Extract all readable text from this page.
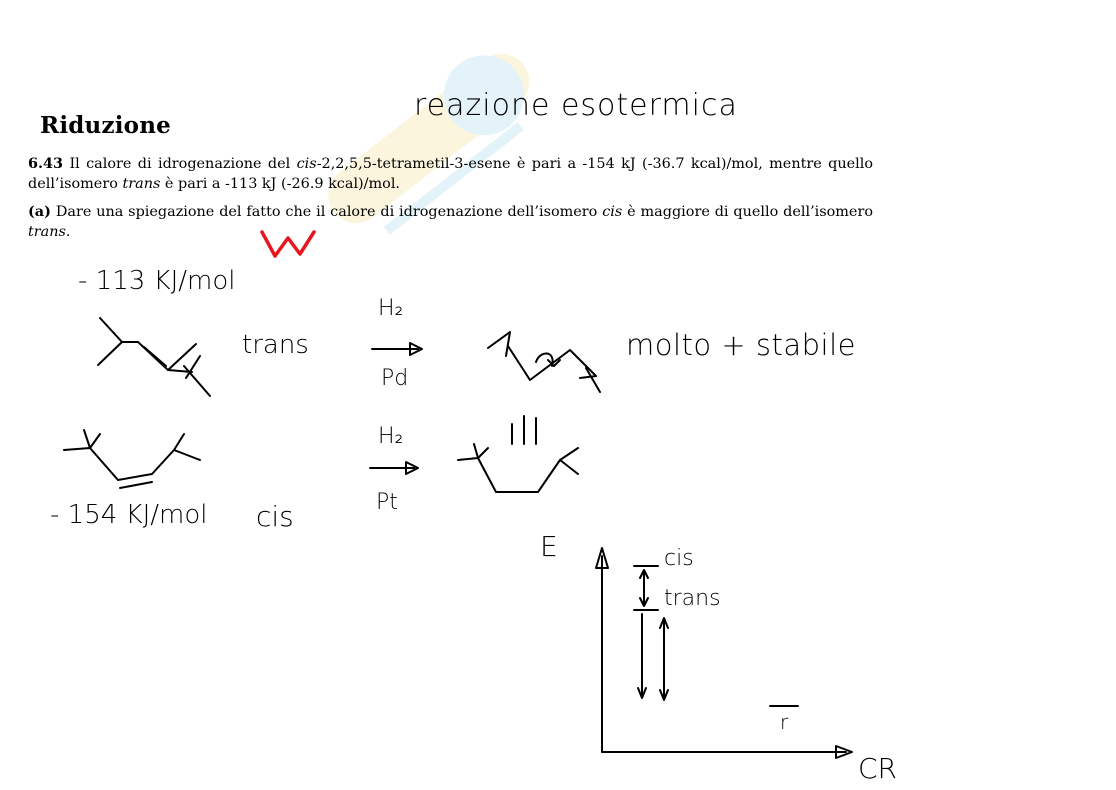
Riduzione
6.43 Il calore di idrogenazione del cis-2,2,5,5-tetrametil-3-esene è pari a -154 kJ (-36.7 kcal)/mol, mentre quello dell’isomero trans è pari a -113 kJ (-26.9 kcal)/mol.
(a) Dare una spiegazione del fatto che il calore di idrogenazione dell’isomero cis è maggiore di quello dell’isomero trans.
reazione esotermica
- 113 KJ/mol
trans
H₂
Pd
molto + stabile
H₂
Pt
- 154 KJ/mol cis
E	cis
trans
r
CR
